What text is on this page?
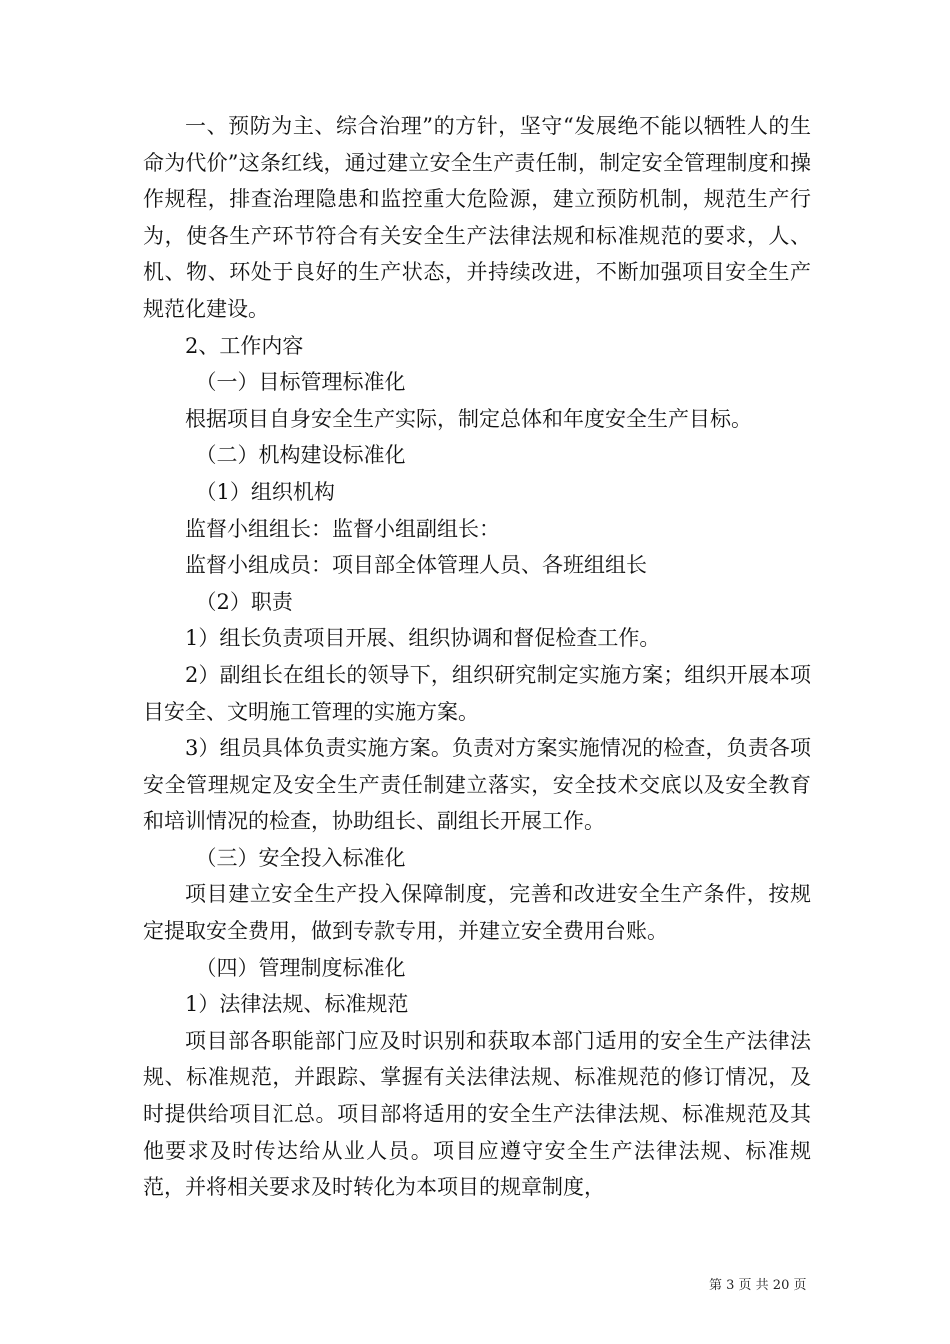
一、预防为主、综合治理”的方针，坚守“发展绝不能以牺牲人的生命为代价”这条红线，通过建立安全生产责任制，制定安全管理制度和操作规程，排查治理隐患和监控重大危险源，建立预防机制，规范生产行为，使各生产环节符合有关安全生产法律法规和标准规范的要求，人、机、物、环处于良好的生产状态，并持续改进，不断加强项目安全生产规范化建设。

2、工作内容

（一）目标管理标准化

根据项目自身安全生产实际，制定总体和年度安全生产目标。

（二）机构建设标准化

（1）组织机构

监督小组组长：监督小组副组长：

监督小组成员：项目部全体管理人员、各班组组长

（2）职责

1）组长负责项目开展、组织协调和督促检查工作。

2）副组长在组长的领导下，组织研究制定实施方案；组织开展本项目安全、文明施工管理的实施方案。

3）组员具体负责实施方案。负责对方案实施情况的检查，负责各项安全管理规定及安全生产责任制建立落实，安全技术交底以及安全教育和培训情况的检查，协助组长、副组长开展工作。

（三）安全投入标准化

项目建立安全生产投入保障制度，完善和改进安全生产条件，按规定提取安全费用，做到专款专用，并建立安全费用台账。

（四）管理制度标准化

1）法律法规、标准规范

项目部各职能部门应及时识别和获取本部门适用的安全生产法律法规、标准规范，并跟踪、掌握有关法律法规、标准规范的修订情况，及时提供给项目汇总。项目部将适用的安全生产法律法规、标准规范及其他要求及时传达给从业人员。项目应遵守安全生产法律法规、标准规范，并将相关要求及时转化为本项目的规章制度，

第 3 页 共 20 页
